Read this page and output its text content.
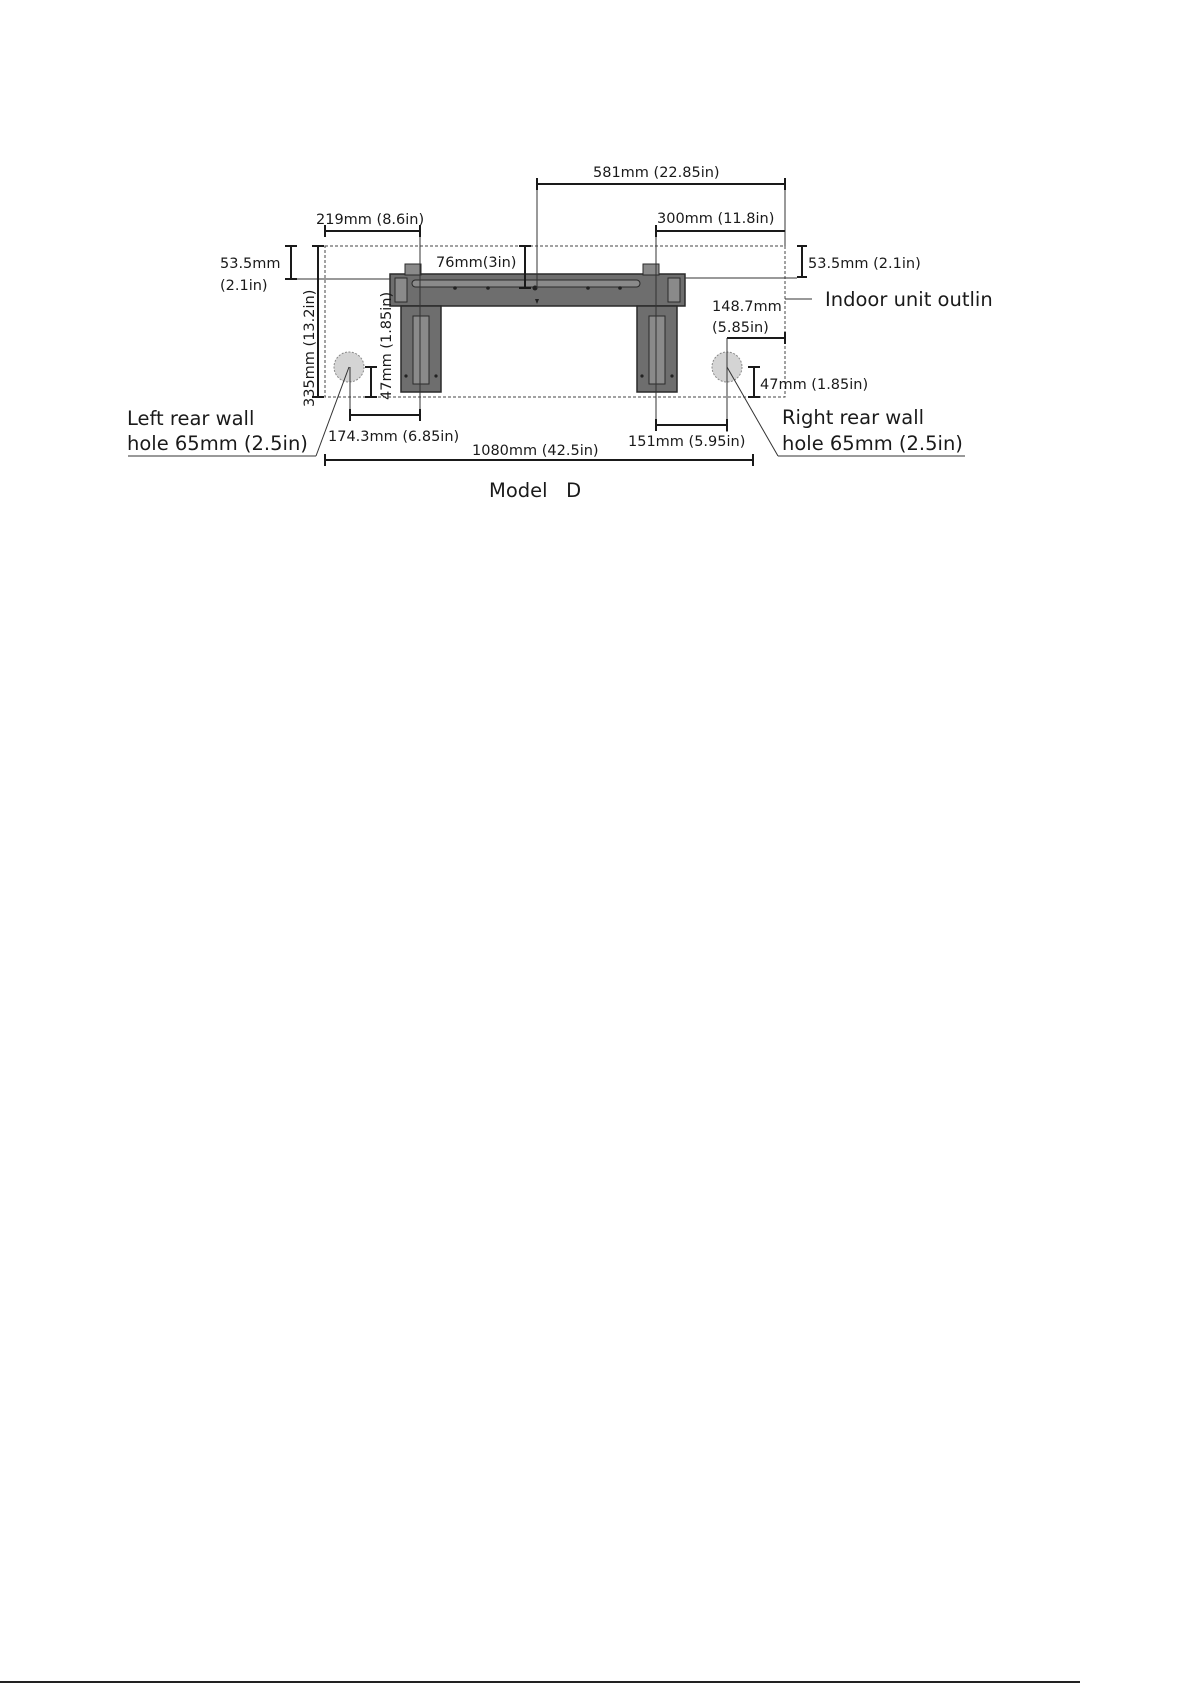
581mm (22.85in)
219mm (8.6in)	300mm (11.8in)
53.5mm
(2.1in)
53.5mm (2.1in)
76mm(3in)
335mm (13.2in)	47mm (1.85in)	148.7mm
(5.85in)
47mm (1.85in)
174.3mm (6.85in)	151mm (5.95in)
1080mm (42.5in)
Indoor unit outlin
Left rear wall
hole 65mm (2.5in)
Right rear wall
hole 65mm (2.5in)
Model   D
